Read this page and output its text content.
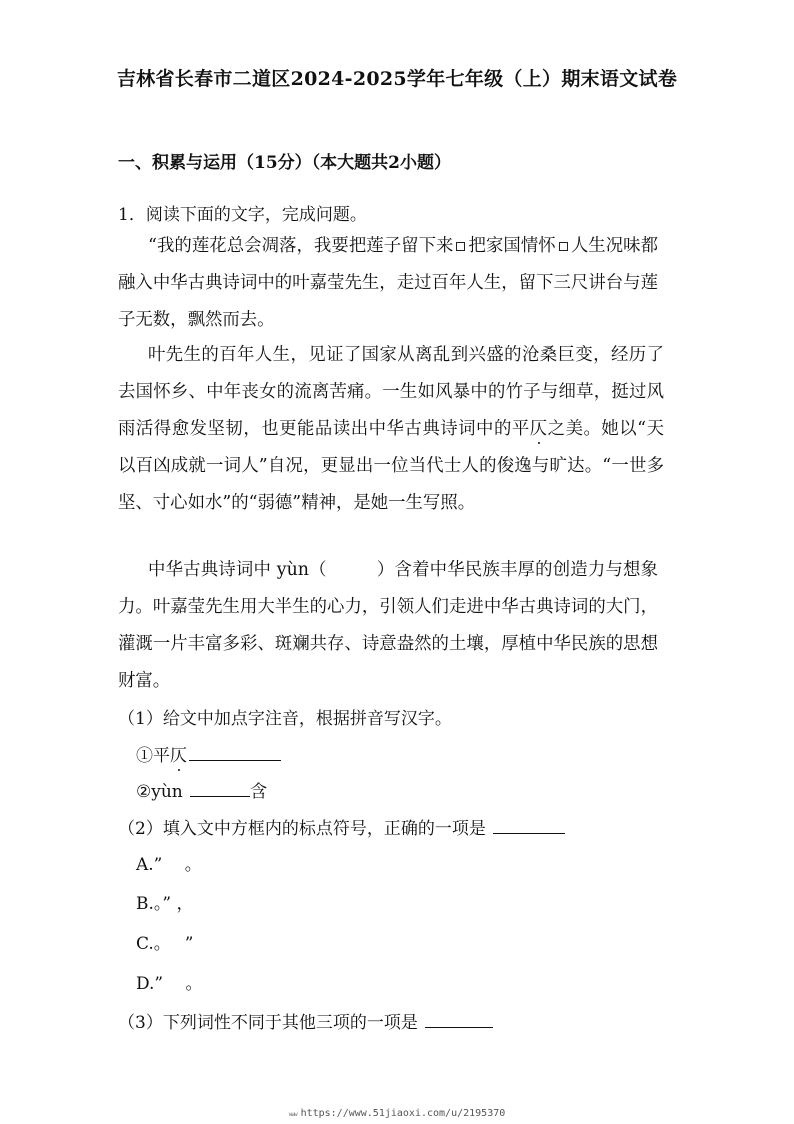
吉林省长春市二道区2024-2025学年七年级（上）期末语文试卷
一、积累与运用（15分）（本大题共2小题）
1．阅读下面的文字，完成问题。
“我的莲花总会凋落，我要把莲子留下来 把家国情怀 人生况味都融入中华古典诗词中的叶嘉莹先生，走过百年人生，留下三尺讲台与莲子无数，飘然而去。
叶先生的百年人生，见证了国家从离乱到兴盛的沧桑巨变，经历了去国怀乡、中年丧女的流离苦痛。一生如风暴中的竹子与细草，挺过风雨活得愈发坚韧，也更能品读出中华古典诗词中的平仄之美。她以“天以百凶成就一词人”自况，更显出一位当代士人的俊逸与旷达。“一世多坚、寸心如水”的“弱德”精神，是她一生写照。
中华古典诗词中 yùn（	）含着中华民族丰厚的创造力与想象力。叶嘉莹先生用大半生的心力，引领人们走进中华古典诗词的大门，灌溉一片丰富多彩、斑斓共存、诗意盎然的土壤，厚植中华民族的思想财富。
（1）给文中加点字注音，根据拼音写汉字。
①平仄
②yùn	含
（2）填入文中方框内的标点符号，正确的一项是
A.”　 。
B.。” ，
C.。　 ”
D.”　 。
（3）下列词性不同于其他三项的一项是
www https://www.51jiaoxi.com/u/2195370
